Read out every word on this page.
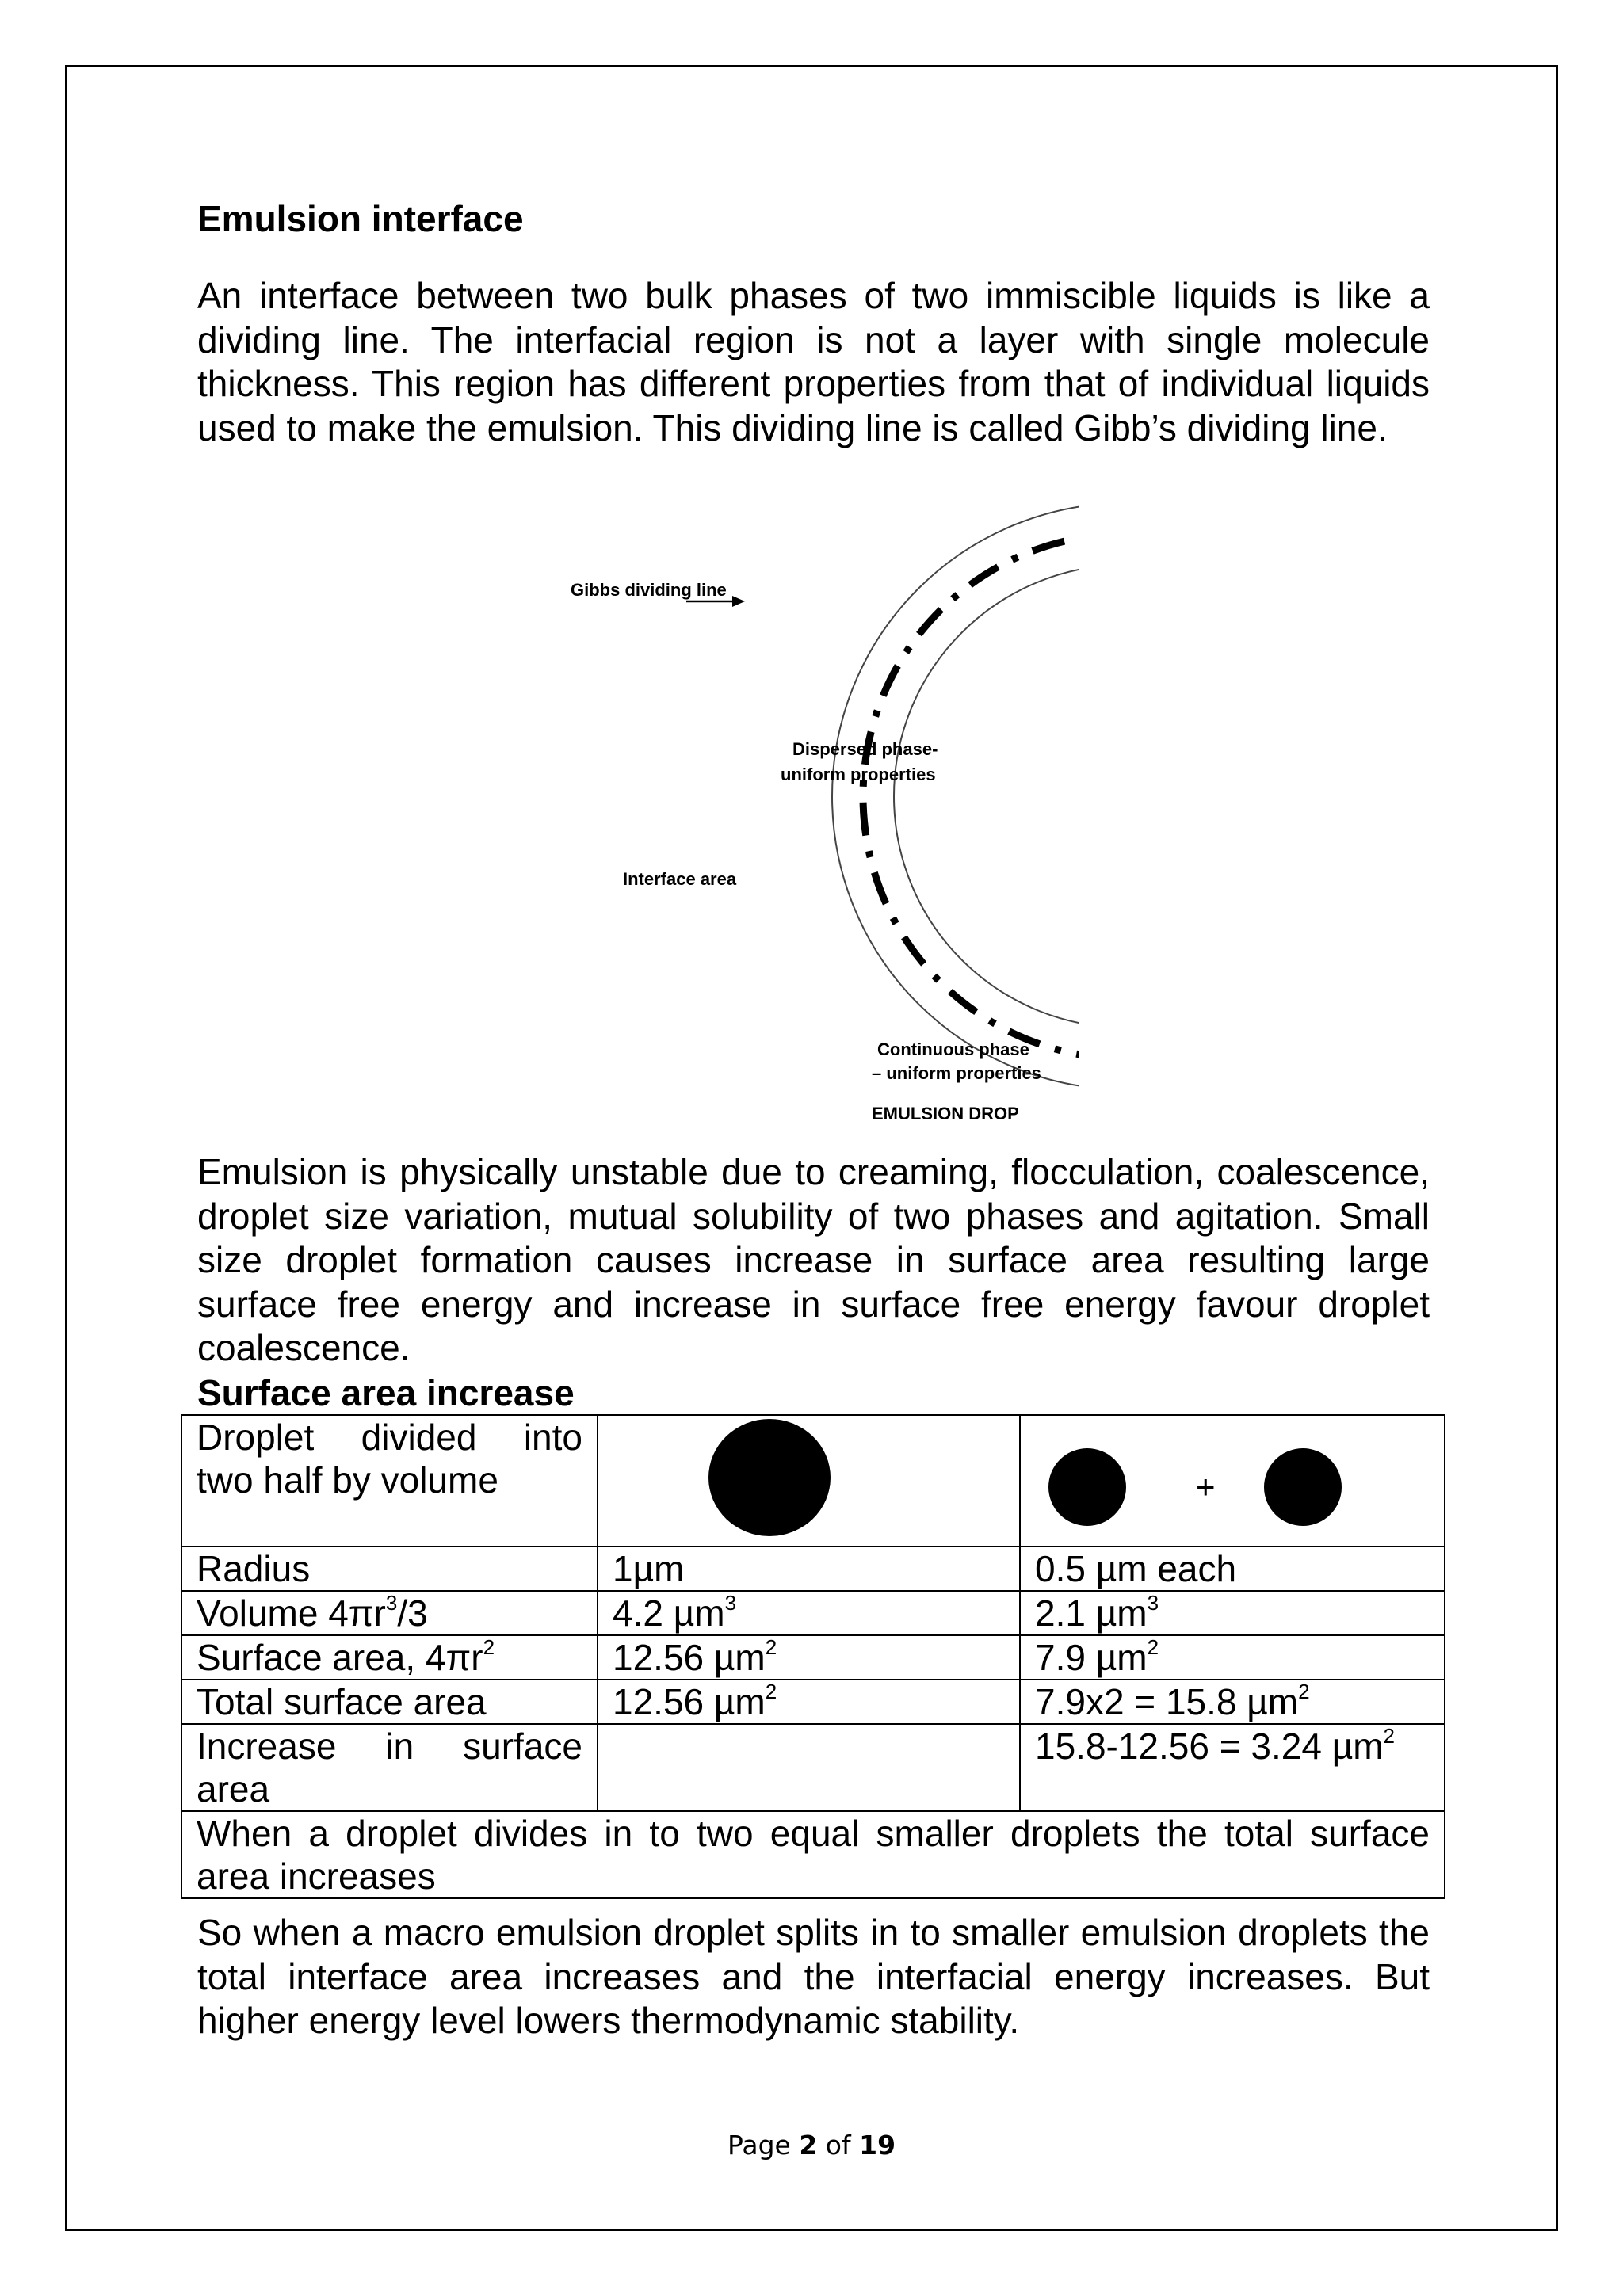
Emulsion interface
An interface between two bulk phases of two immiscible liquids is like a dividing line. The interfacial region is not a layer with single molecule thickness. This region has different properties from that of individual liquids used to make the emulsion. This dividing line is called Gibb’s dividing line.
Gibbs dividing line
Dispersed phase-
uniform properties
Interface area
Continuous phase
– uniform properties
EMULSION DROP
Emulsion is physically unstable due to creaming, flocculation, coalescence, droplet size variation, mutual solubility of two phases and agitation. Small size droplet formation causes increase in surface area resulting large surface free energy and increase in surface free energy favour droplet coalescence.
Surface area increase
Droplet divided into
two half by volume		+

Radius	1µm	0.5 µm each
Volume $4\pi r^3/3$	4.2 µm$^3$	2.1 µm$^3$
Surface area, $4\pi r^2$	12.56 µm$^2$	7.9 µm$^2$
Total surface area	12.56 µm$^2$	7.9x2 = 15.8 µm$^2$

Increase in surface
area		15.8-12.56 = 3.24 µm$^2$
When a droplet divides in to two equal smaller droplets the total surface area increases		
So when a macro emulsion droplet splits in to smaller emulsion droplets the total interface area increases and the interfacial energy increases. But higher energy level lowers thermodynamic stability.
Page 2 of 19
